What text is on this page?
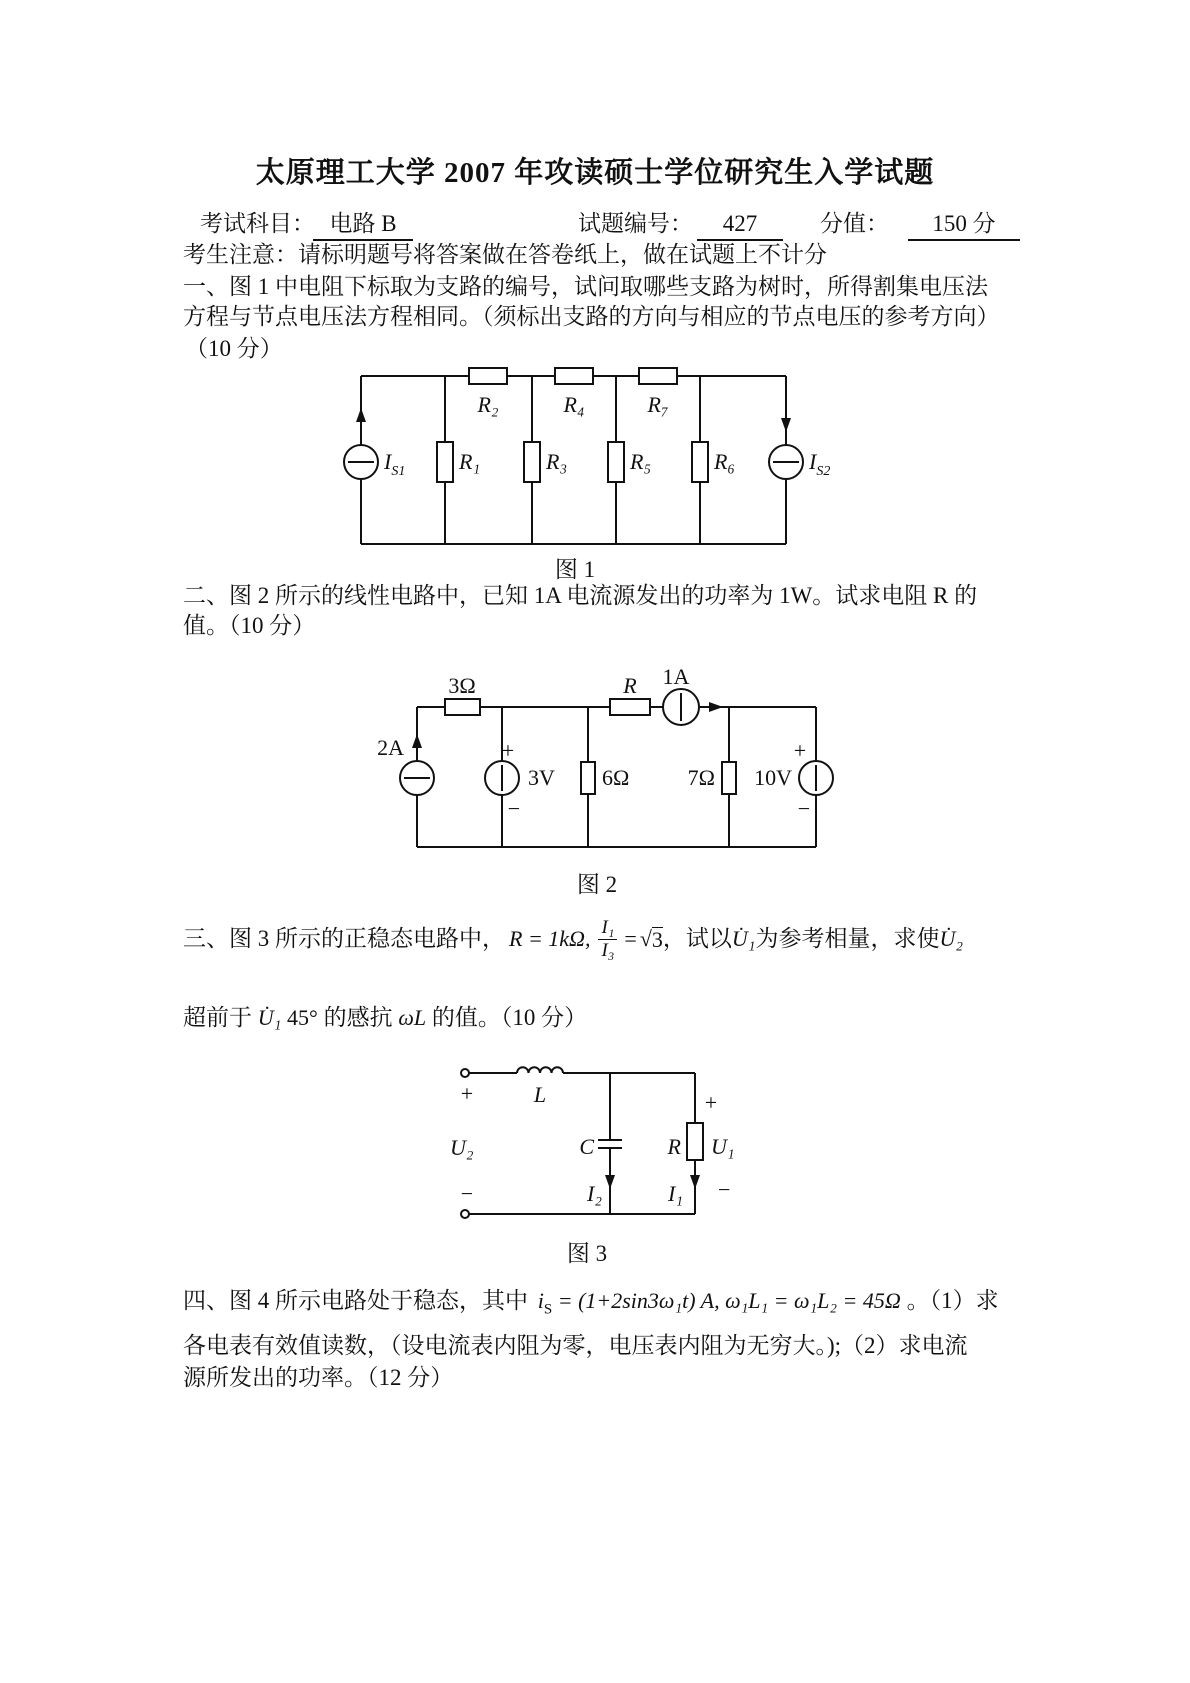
太原理工大学 2007 年攻读硕士学位研究生入学试题
考试科目： 电路 B	试题编号：	427	分值：	150 分
考生注意：请标明题号将答案做在答卷纸上，做在试题上不计分
一、图 1 中电阻下标取为支路的编号，试问取哪些支路为树时，所得割集电压法
方程与节点电压法方程相同。（须标出支路的方向与相应的节点电压的参考方向）
（10 分）
$I_{S1}$	$I_{S2}$
R₁	R₃	R₅	R₆
R₂	R₄	R₇
图 1
二、图 2 所示的线性电路中，已知 1A 电流源发出的功率为 1W。试求电阻 R 的
值。（10 分）
3Ω
2A	+
3V
−
6Ω
R 1A
7Ω
+
10V
−
图 2
三、图 3 所示的正稳态电路中， R = 1kΩ, $\frac{\text{I₁}}{\text{I₃}}$ = √ 3 ，试以 U̇₁ 为参考相量，求使 U̇₂
超前于 U̇₁ 45° 的感抗 ωL 的值。（10 分）
L
+
U₂
−
C
I₂
+
R U₁
I₁ −
图 3
四、图 4 所示电路处于稳态，其中 $i_S = (1+2\sin 3\omega_1t)$ A, ω₁L₁ = ω₁L₂ = 45Ω 。（1）求
各电表有效值读数，（设电流表内阻为零，电压表内阻为无穷大。);（2）求电流
源所发出的功率。（12 分）
